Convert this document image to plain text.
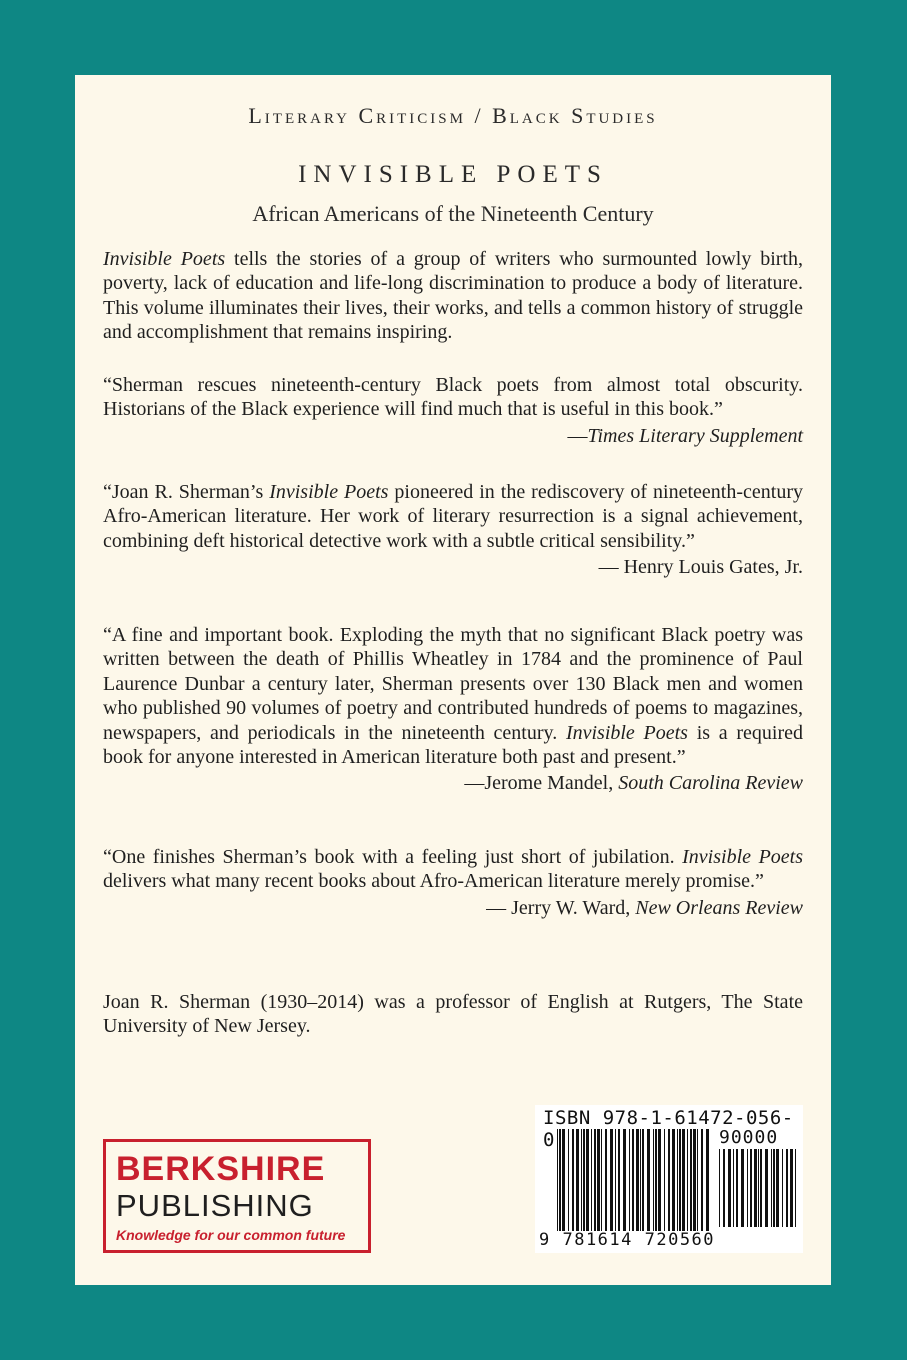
Literary Criticism / Black Studies
INVISIBLE POETS
African Americans of the Nineteenth Century

Invisible Poets tells the stories of a group of writers who surmounted lowly birth, poverty, lack of education and life-long discrimination to produce a body of literature. This volume illuminates their lives, their works, and tells a common history of struggle and accomplishment that remains inspiring.

“Sherman rescues nineteenth-century Black poets from almost total obscurity. Historians of the Black experience will find much that is useful in this book.”

—Times Literary Supplement

“Joan R. Sherman’s Invisible Poets pioneered in the rediscovery of nineteenth-century Afro-American literature. Her work of literary resurrection is a signal achievement, combining deft historical detective work with a subtle critical sensibility.”

— Henry Louis Gates, Jr.

“A fine and important book. Exploding the myth that no significant Black poetry was written between the death of Phillis Wheatley in 1784 and the prominence of Paul Laurence Dunbar a century later, Sherman presents over 130 Black men and women who published 90 volumes of poetry and contributed hundreds of poems to magazines, newspapers, and periodicals in the nineteenth century. Invisible Poets is a required book for anyone interested in American literature both past and present.”

—Jerome Mandel, South Carolina Review

“One finishes Sherman’s book with a feeling just short of jubilation. Invisible Poets delivers what many recent books about Afro-American literature merely promise.”

— Jerry W. Ward, New Orleans Review

Joan R. Sherman (1930–2014) was a professor of English at Rutgers, The State University of New Jersey.

BERKSHIRE
PUBLISHING
Knowledge for our common future
ISBN 978-1-61472-056-0	90000
9 781614 720560
